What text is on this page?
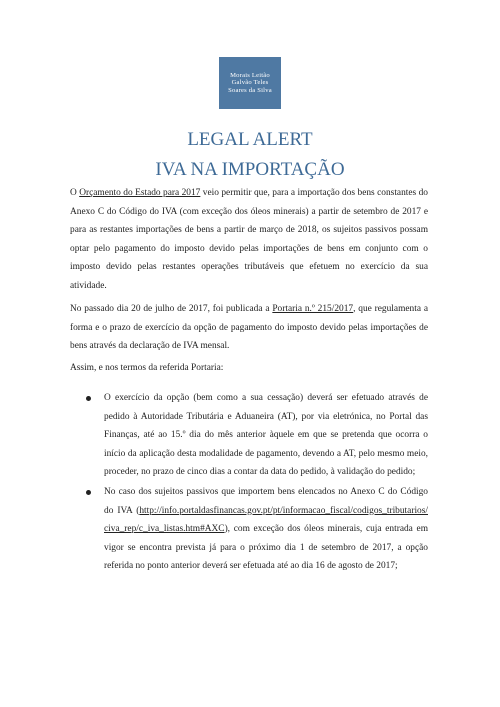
Morais Leitão
Galvão Teles
Soares da Silva
LEGAL ALERT
IVA NA IMPORTAÇÃO

O Orçamento do Estado para 2017 veio permitir que, para a importação dos bens constantes do Anexo C do Código do IVA (com exceção dos óleos minerais) a partir de setembro de 2017 e para as restantes importações de bens a partir de março de 2018, os sujeitos passivos possam optar pelo pagamento do imposto devido pelas importações de bens em conjunto com o imposto devido pelas restantes operações tributáveis que efetuem no exercício da sua atividade.

No passado dia 20 de julho de 2017, foi publicada a Portaria n.º 215/2017, que regulamenta a forma e o prazo de exercício da opção de pagamento do imposto devido pelas importações de bens através da declaração de IVA mensal.

Assim, e nos termos da referida Portaria:
O exercício da opção (bem como a sua cessação) deverá ser efetuado através de pedido à Autoridade Tributária e Aduaneira (AT), por via eletrónica, no Portal das Finanças, até ao 15.º dia do mês anterior àquele em que se pretenda que ocorra o início da aplicação desta modalidade de pagamento, devendo a AT, pelo mesmo meio, proceder, no prazo de cinco dias a contar da data do pedido, à validação do pedido;
No caso dos sujeitos passivos que importem bens elencados no Anexo C do Código do IVA (http://info.portaldasfinancas.gov.pt/pt/informacao_fiscal/codigos_tributarios/civa_rep/c_iva_listas.htm#AXC), com exceção dos óleos minerais, cuja entrada em vigor se encontra prevista já para o próximo dia 1 de setembro de 2017, a opção referida no ponto anterior deverá ser efetuada até ao dia 16 de agosto de 2017;
